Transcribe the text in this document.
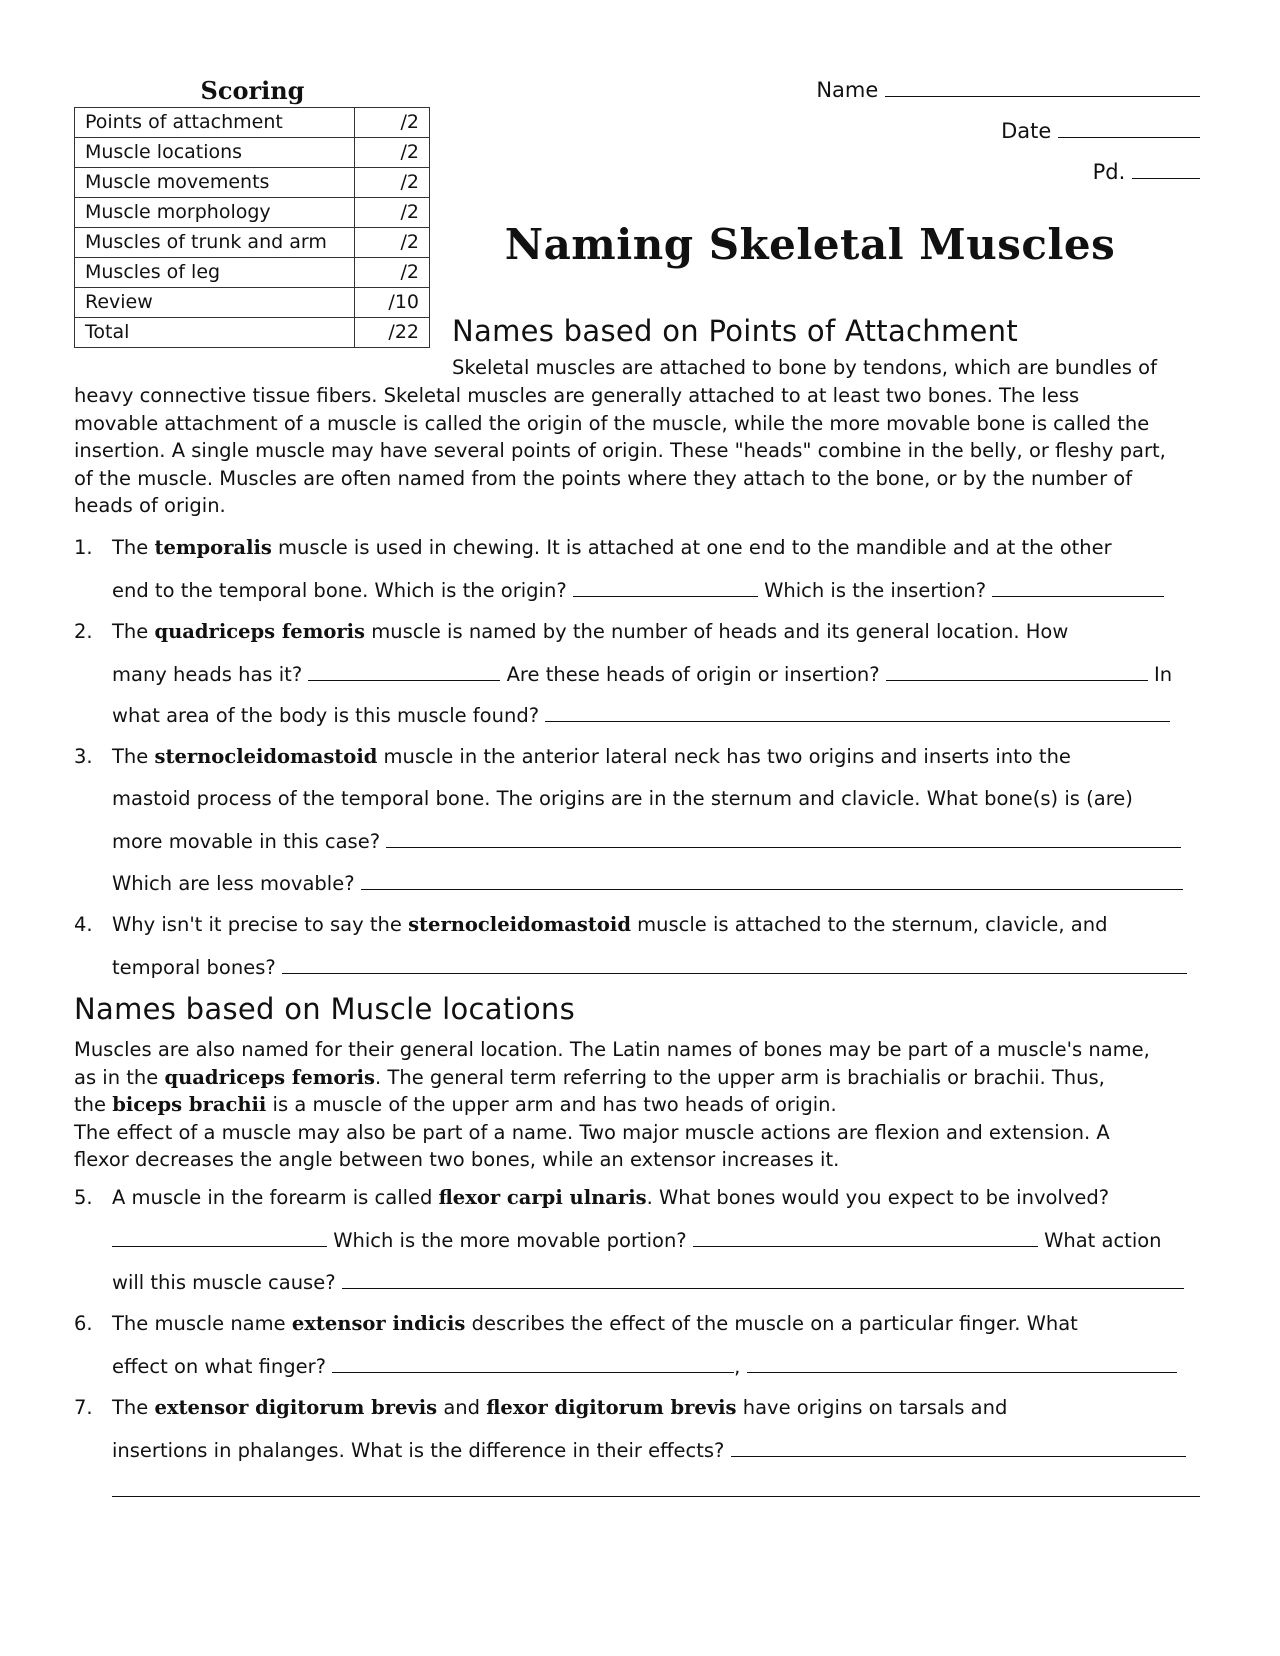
Scoring
Points of attachment	/2
Muscle locations	/2
Muscle movements	/2
Muscle morphology	/2
Muscles of trunk and arm	/2
Muscles of leg	/2
Review	/10
Total	/22
Name
Date
Pd.
Naming Skeletal Muscles
Names based on Points of Attachment
Skeletal muscles are attached to bone by tendons, which are bundles of
heavy connective tissue fibers. Skeletal muscles are generally attached to at least two bones. The less
movable attachment of a muscle is called the origin of the muscle, while the more movable bone is called the
insertion. A single muscle may have several points of origin. These "heads" combine in the belly, or fleshy part,
of the muscle. Muscles are often named from the points where they attach to the bone, or by the number of
heads of origin.
1. The temporalis muscle is used in chewing. It is attached at one end to the mandible and at the other
end to the temporal bone. Which is the origin?	Which is the insertion?
2. The quadriceps femoris muscle is named by the number of heads and its general location. How
many heads has it?	Are these heads of origin or insertion?	In
what area of the body is this muscle found?
3. The sternocleidomastoid muscle in the anterior lateral neck has two origins and inserts into the
mastoid process of the temporal bone. The origins are in the sternum and clavicle. What bone(s) is (are)
more movable in this case?
Which are less movable?
4. Why isn't it precise to say the sternocleidomastoid muscle is attached to the sternum, clavicle, and
temporal bones?
Names based on Muscle locations
Muscles are also named for their general location. The Latin names of bones may be part of a muscle's name,
as in the quadriceps femoris. The general term referring to the upper arm is brachialis or brachii. Thus,
the biceps brachii is a muscle of the upper arm and has two heads of origin.
The effect of a muscle may also be part of a name. Two major muscle actions are flexion and extension. A
flexor decreases the angle between two bones, while an extensor increases it.
5. A muscle in the forearm is called flexor carpi ulnaris. What bones would you expect to be involved?
Which is the more movable portion?	What action
will this muscle cause?
6. The muscle name extensor indicis describes the effect of the muscle on a particular finger. What
effect on what finger?	,
7. The extensor digitorum brevis and flexor digitorum brevis have origins on tarsals and
insertions in phalanges. What is the difference in their effects?
